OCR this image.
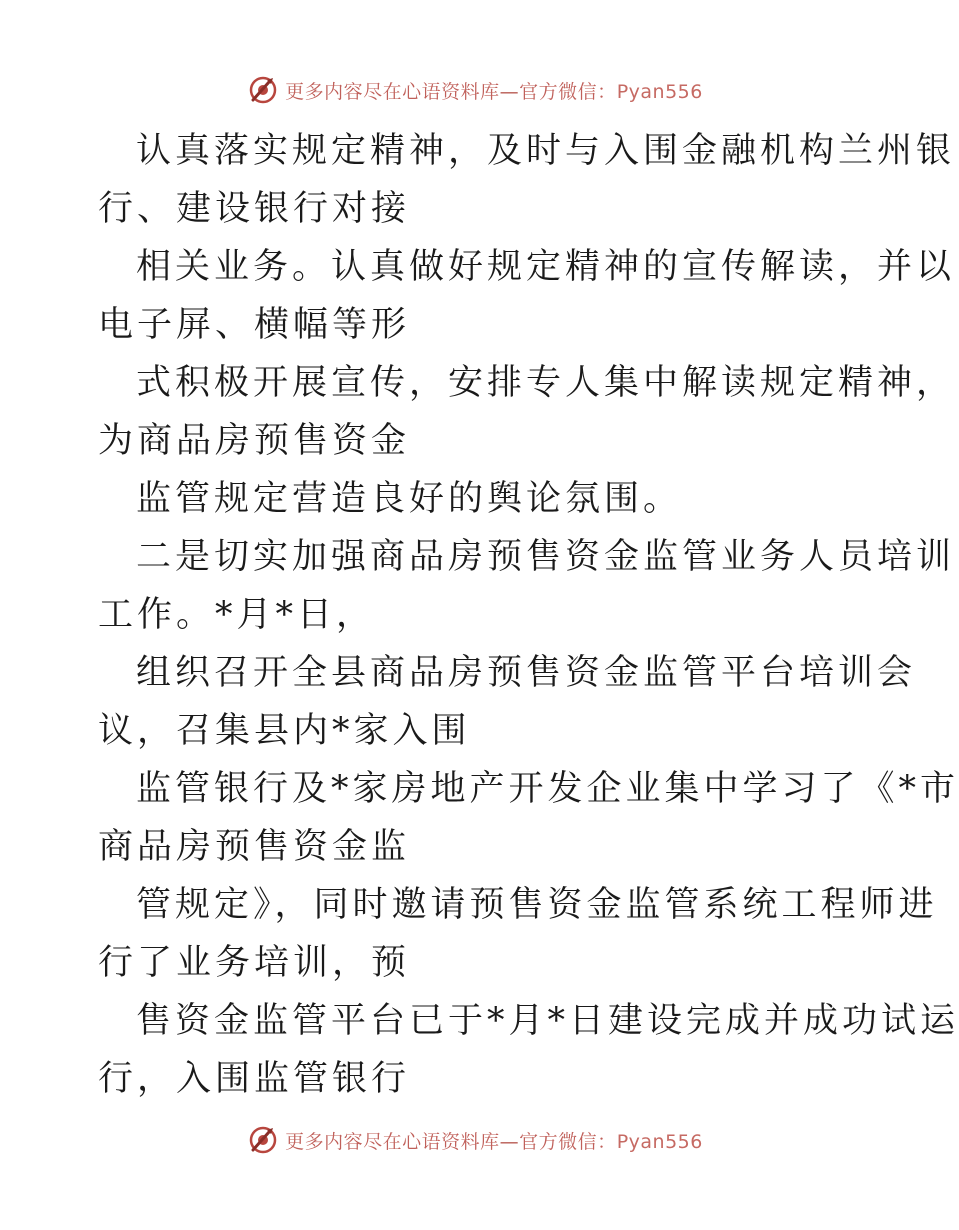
更多内容尽在心语资料库—官方微信：Pyan556
认真落实规定精神，及时与入围金融机构兰州银
行、建设银行对接
相关业务。认真做好规定精神的宣传解读，并以
电子屏、横幅等形
式积极开展宣传，安排专人集中解读规定精神，
为商品房预售资金
监管规定营造良好的舆论氛围。
二是切实加强商品房预售资金监管业务人员培训
工作。*月*日，
组织召开全县商品房预售资金监管平台培训会
议，召集县内*家入围
监管银行及*家房地产开发企业集中学习了《*市
商品房预售资金监
管规定》，同时邀请预售资金监管系统工程师进
行了业务培训，预
售资金监管平台已于*月*日建设完成并成功试运
行，入围监管银行
更多内容尽在心语资料库—官方微信：Pyan556
